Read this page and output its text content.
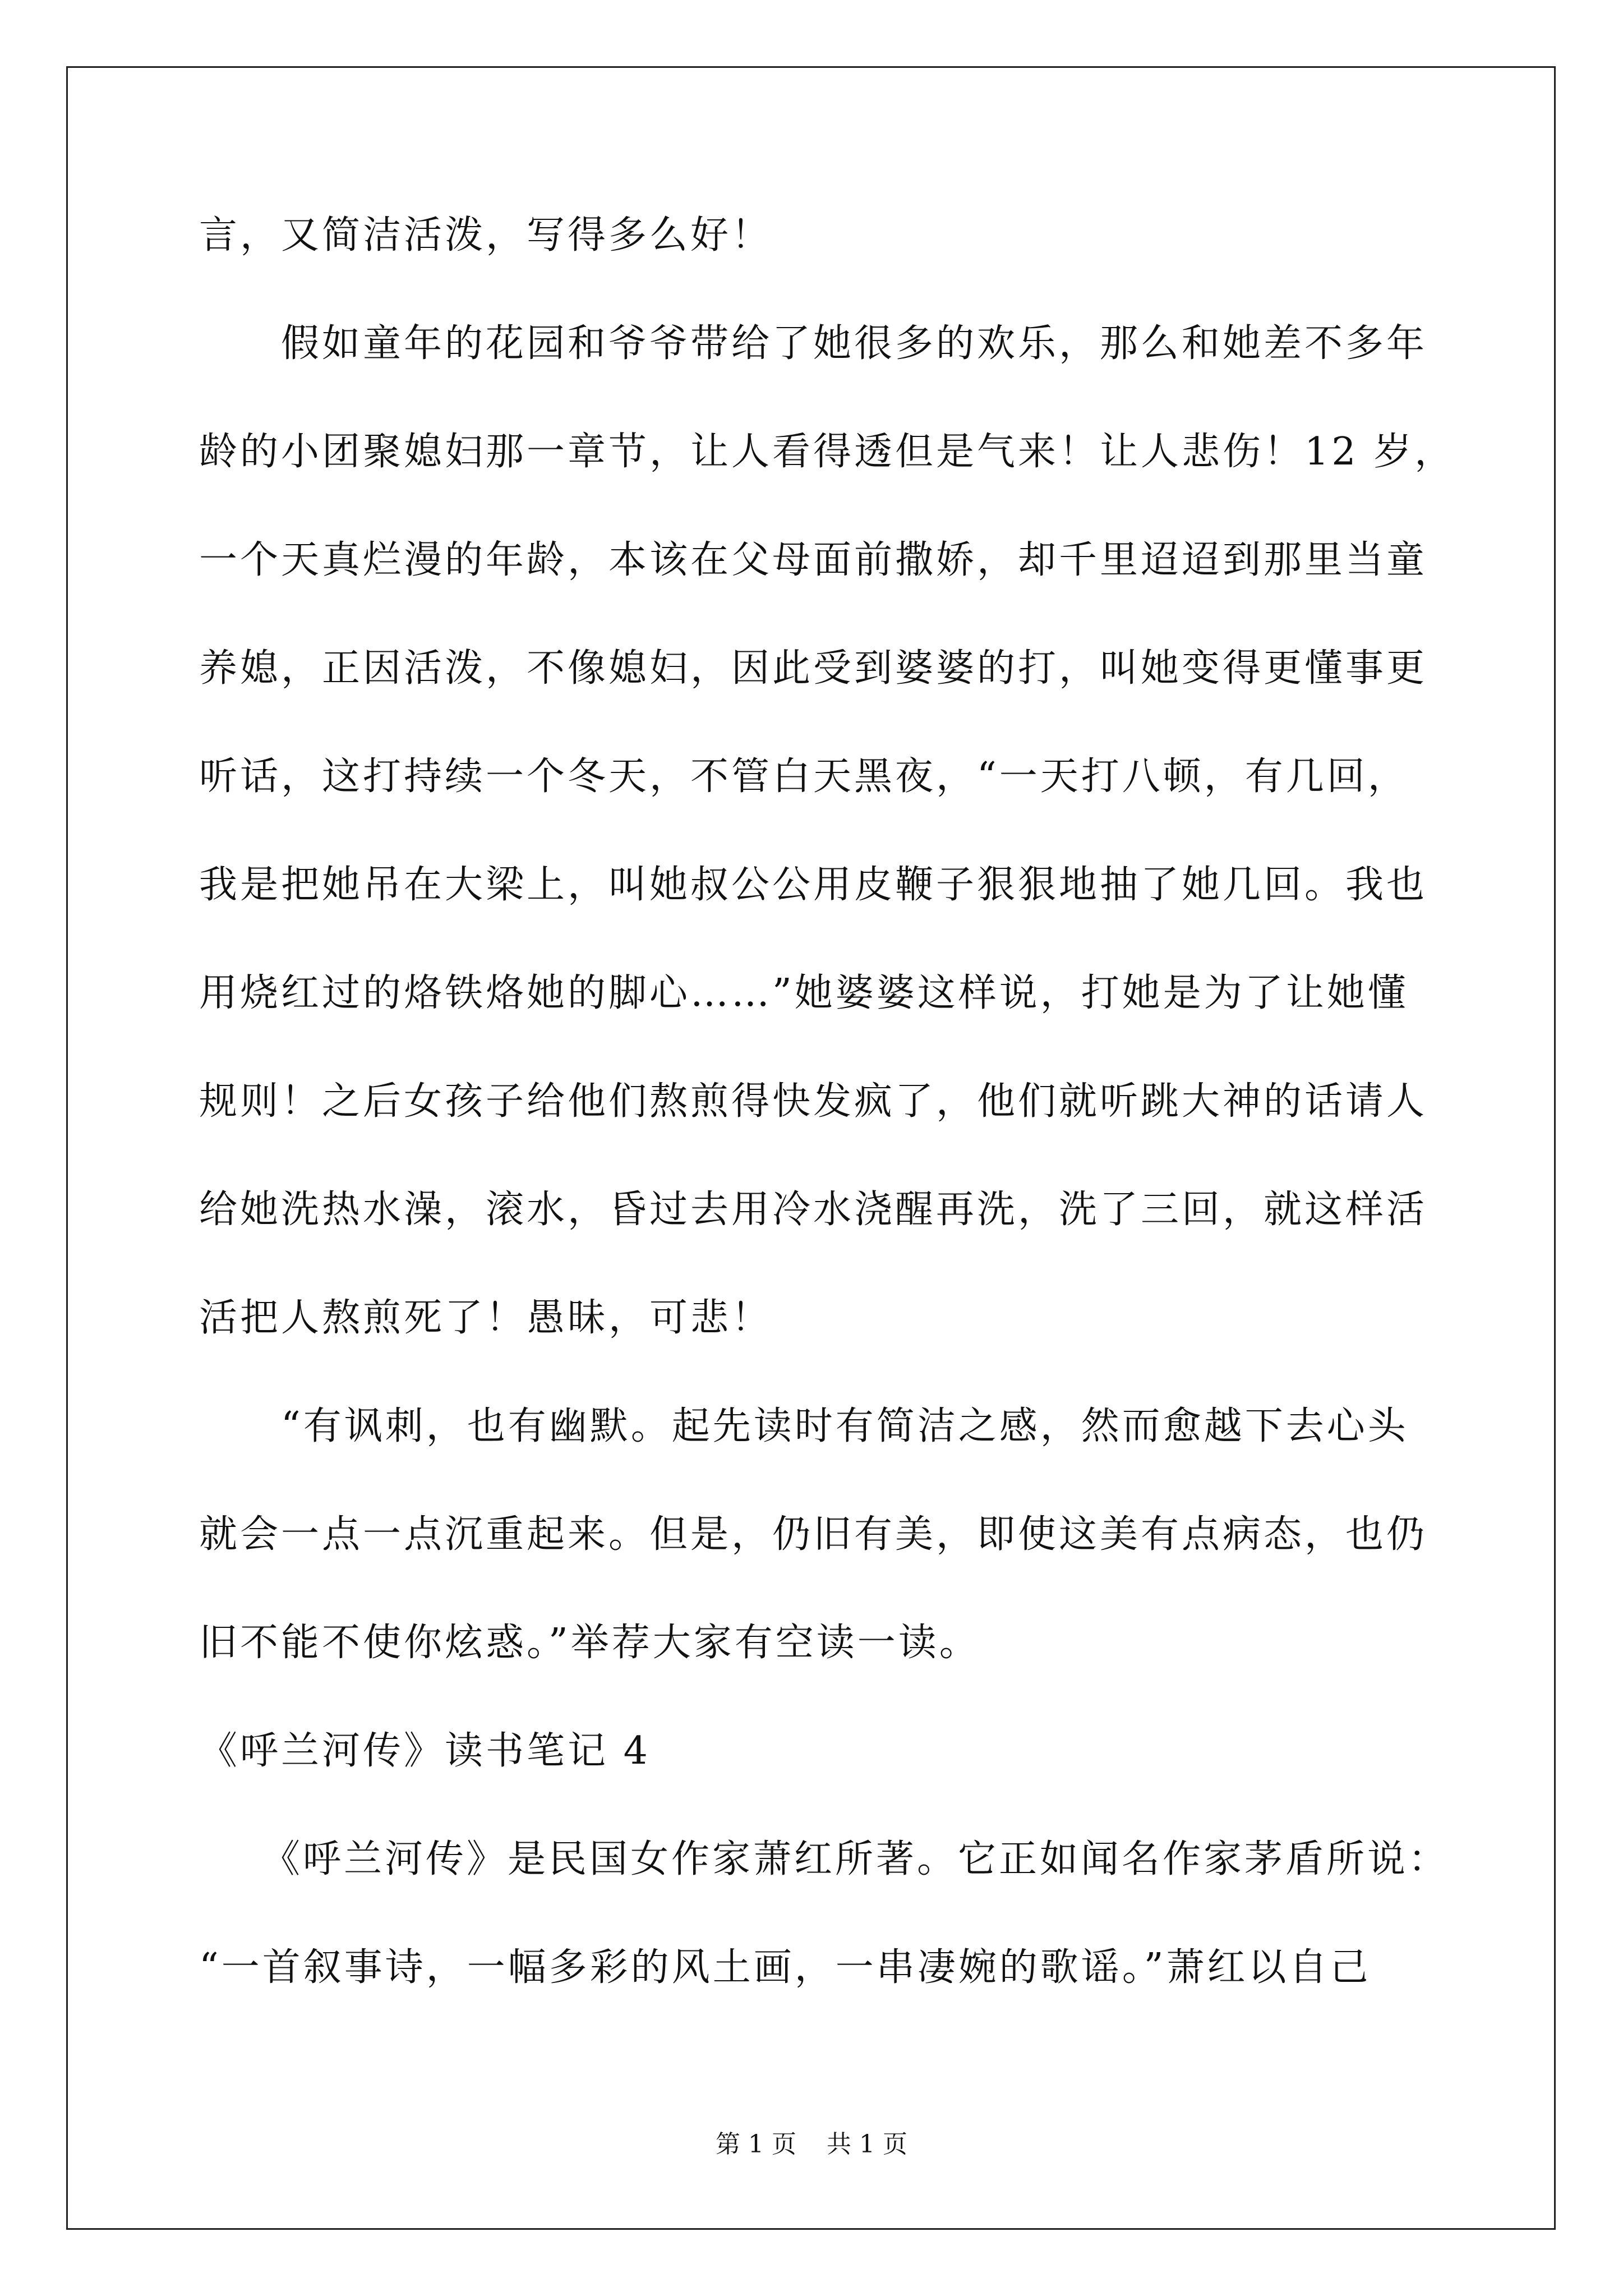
言，又简洁活泼，写得多么好！
　　假如童年的花园和爷爷带给了她很多的欢乐，那么和她差不多年
龄的小团聚媳妇那一章节，让人看得透但是气来！让人悲伤！12 岁，
一个天真烂漫的年龄，本该在父母面前撒娇，却千里迢迢到那里当童
养媳，正因活泼，不像媳妇，因此受到婆婆的打，叫她变得更懂事更
听话，这打持续一个冬天，不管白天黑夜，“一天打八顿，有几回，
我是把她吊在大梁上，叫她叔公公用皮鞭子狠狠地抽了她几回。我也
用烧红过的烙铁烙她的脚心……”她婆婆这样说，打她是为了让她懂
规则！之后女孩子给他们熬煎得快发疯了，他们就听跳大神的话请人
给她洗热水澡，滚水，昏过去用冷水浇醒再洗，洗了三回，就这样活
活把人熬煎死了！愚昧，可悲！
　　“有讽刺，也有幽默。起先读时有简洁之感，然而愈越下去心头
就会一点一点沉重起来。但是，仍旧有美，即使这美有点病态，也仍
旧不能不使你炫惑。”举荐大家有空读一读。
《呼兰河传》读书笔记 4
　　《呼兰河传》是民国女作家萧红所著。它正如闻名作家茅盾所说：
“一首叙事诗，一幅多彩的风土画，一串凄婉的歌谣。”萧红以自己
第 1 页 共 1 页
